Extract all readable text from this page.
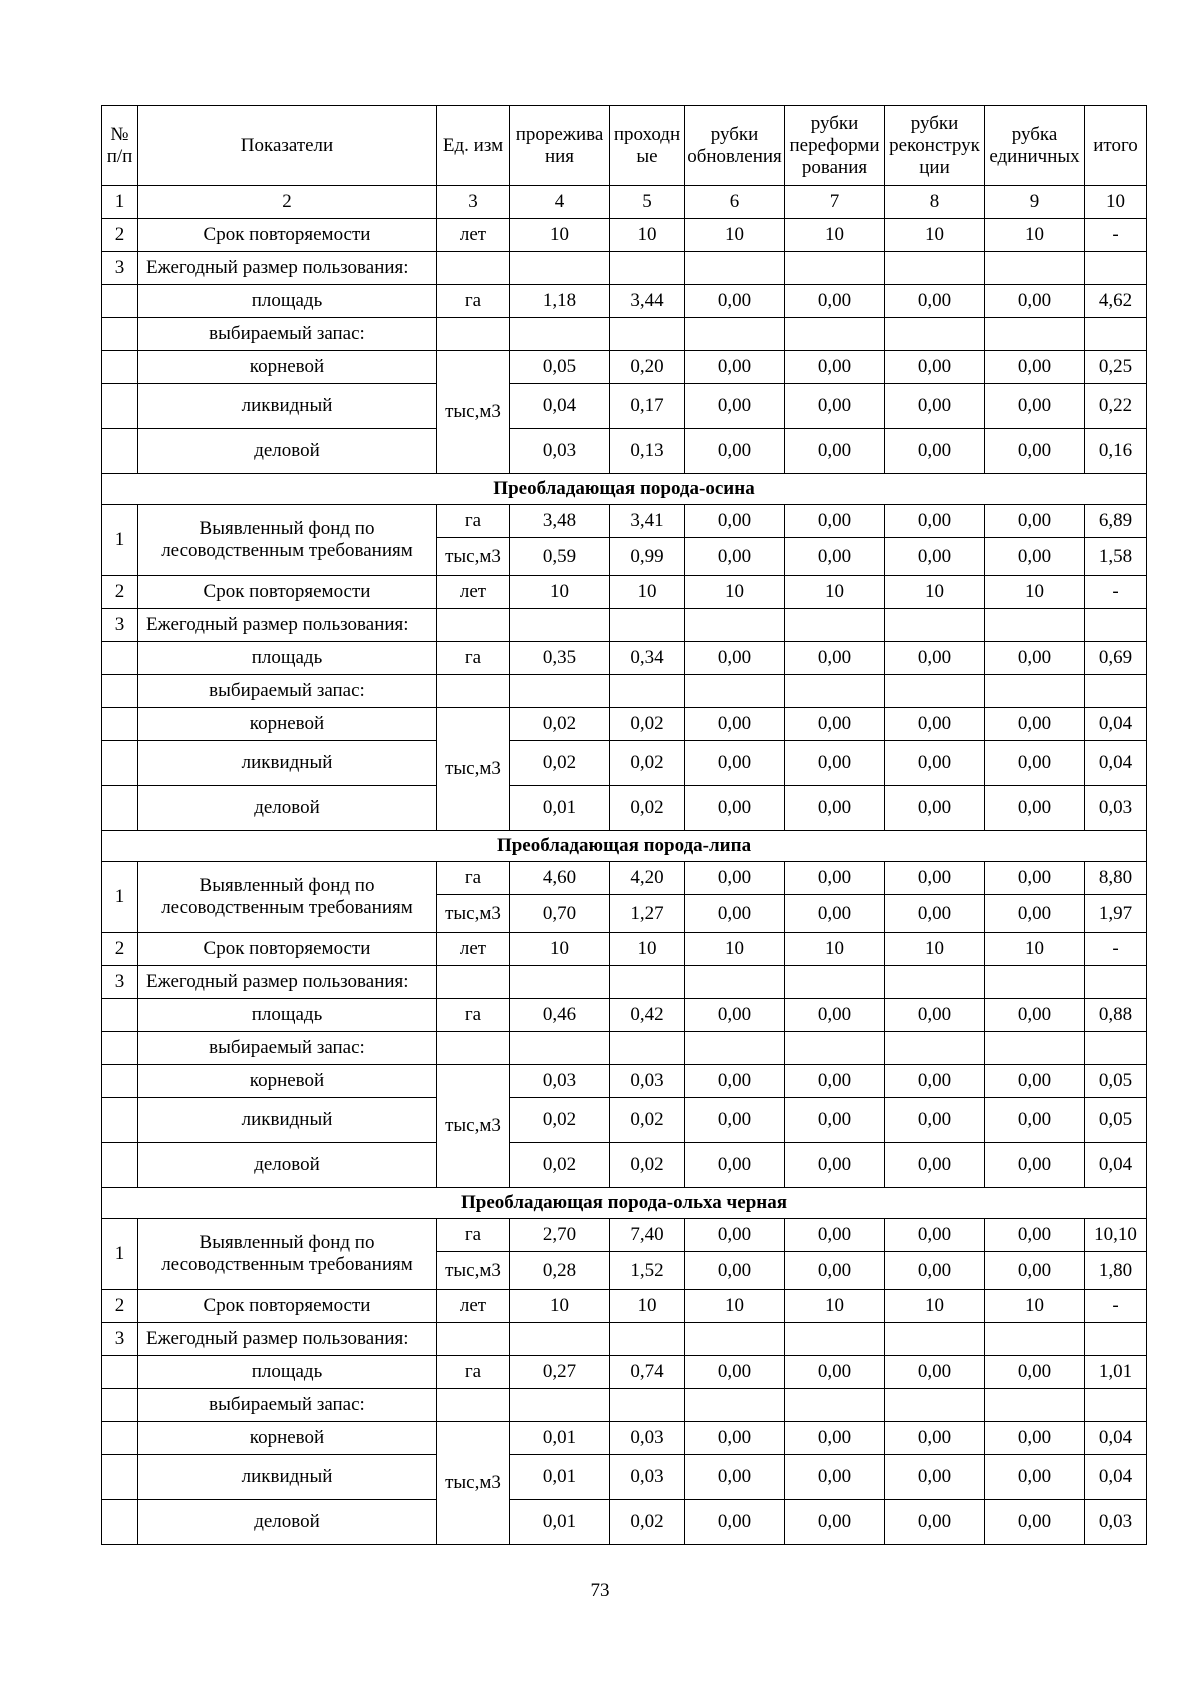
№ п/п	Показатели	Ед. изм	прорежива ния	проходн ые	рубки обновления	рубки переформи рования	рубки реконструк ции	рубка единичных	итого
1	2	3	4	5	6	7	8	9	10
2	Срок повторяемости	лет	10	10	10	10	10	10	-
3	Ежегодный размер пользования:								
	площадь	га	1,18	3,44	0,00	0,00	0,00	0,00	4,62
	выбираемый запас:								
	корневой	тыс,м3	0,05	0,20	0,00	0,00	0,00	0,00	0,25
	ликвидный		0,04	0,17	0,00	0,00	0,00	0,00	0,22
	деловой		0,03	0,13	0,00	0,00	0,00	0,00	0,16
Преобладающая порода-осина									
1	Выявленный фонд по лесоводственным требованиям	га	3,48	3,41	0,00	0,00	0,00	0,00	6,89
		тыс,м3	0,59	0,99	0,00	0,00	0,00	0,00	1,58
2	Срок повторяемости	лет	10	10	10	10	10	10	-
3	Ежегодный размер пользования:								
	площадь	га	0,35	0,34	0,00	0,00	0,00	0,00	0,69
	выбираемый запас:								
	корневой	тыс,м3	0,02	0,02	0,00	0,00	0,00	0,00	0,04
	ликвидный		0,02	0,02	0,00	0,00	0,00	0,00	0,04
	деловой		0,01	0,02	0,00	0,00	0,00	0,00	0,03
Преобладающая порода-липа									
1	Выявленный фонд по лесоводственным требованиям	га	4,60	4,20	0,00	0,00	0,00	0,00	8,80
		тыс,м3	0,70	1,27	0,00	0,00	0,00	0,00	1,97
2	Срок повторяемости	лет	10	10	10	10	10	10	-
3	Ежегодный размер пользования:								
	площадь	га	0,46	0,42	0,00	0,00	0,00	0,00	0,88
	выбираемый запас:								
	корневой	тыс,м3	0,03	0,03	0,00	0,00	0,00	0,00	0,05
	ликвидный		0,02	0,02	0,00	0,00	0,00	0,00	0,05
	деловой		0,02	0,02	0,00	0,00	0,00	0,00	0,04
Преобладающая порода-ольха черная									
1	Выявленный фонд по лесоводственным требованиям	га	2,70	7,40	0,00	0,00	0,00	0,00	10,10
		тыс,м3	0,28	1,52	0,00	0,00	0,00	0,00	1,80
2	Срок повторяемости	лет	10	10	10	10	10	10	-
3	Ежегодный размер пользования:								
	площадь	га	0,27	0,74	0,00	0,00	0,00	0,00	1,01
	выбираемый запас:								
	корневой	тыс,м3	0,01	0,03	0,00	0,00	0,00	0,00	0,04
	ликвидный		0,01	0,03	0,00	0,00	0,00	0,00	0,04
	деловой		0,01	0,02	0,00	0,00	0,00	0,00	0,03
73
